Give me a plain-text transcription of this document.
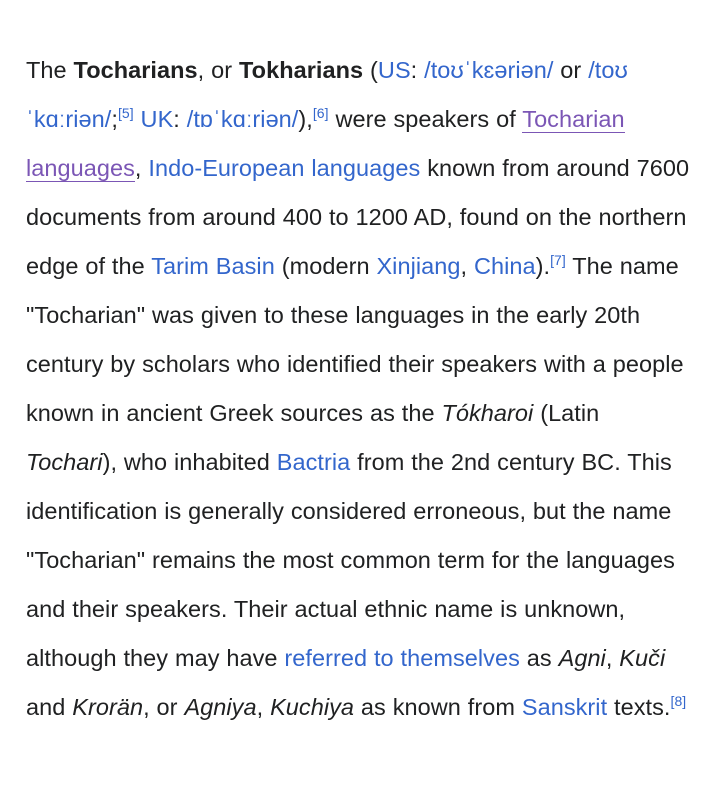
The Tocharians, or Tokharians (US: /toʊˈkɛəriən/ or /toʊˈkɑːriən/;[5] UK: /tɒˈkɑːriən/),[6] were speakers of Tocharian languages, Indo-European languages known from around 7600 documents from around 400 to 1200 AD, found on the northern edge of the Tarim Basin (modern Xinjiang, China).[7] The name "Tocharian" was given to these languages in the early 20th century by scholars who identified their speakers with a people known in ancient Greek sources as the Tókharoi (Latin Tochari), who inhabited Bactria from the 2nd century BC. This identification is generally considered erroneous, but the name "Tocharian" remains the most common term for the languages and their speakers. Their actual ethnic name is unknown, although they may have referred to themselves as Agni, Kuči and Krorän, or Agniya, Kuchiya as known from Sanskrit texts.[8]
